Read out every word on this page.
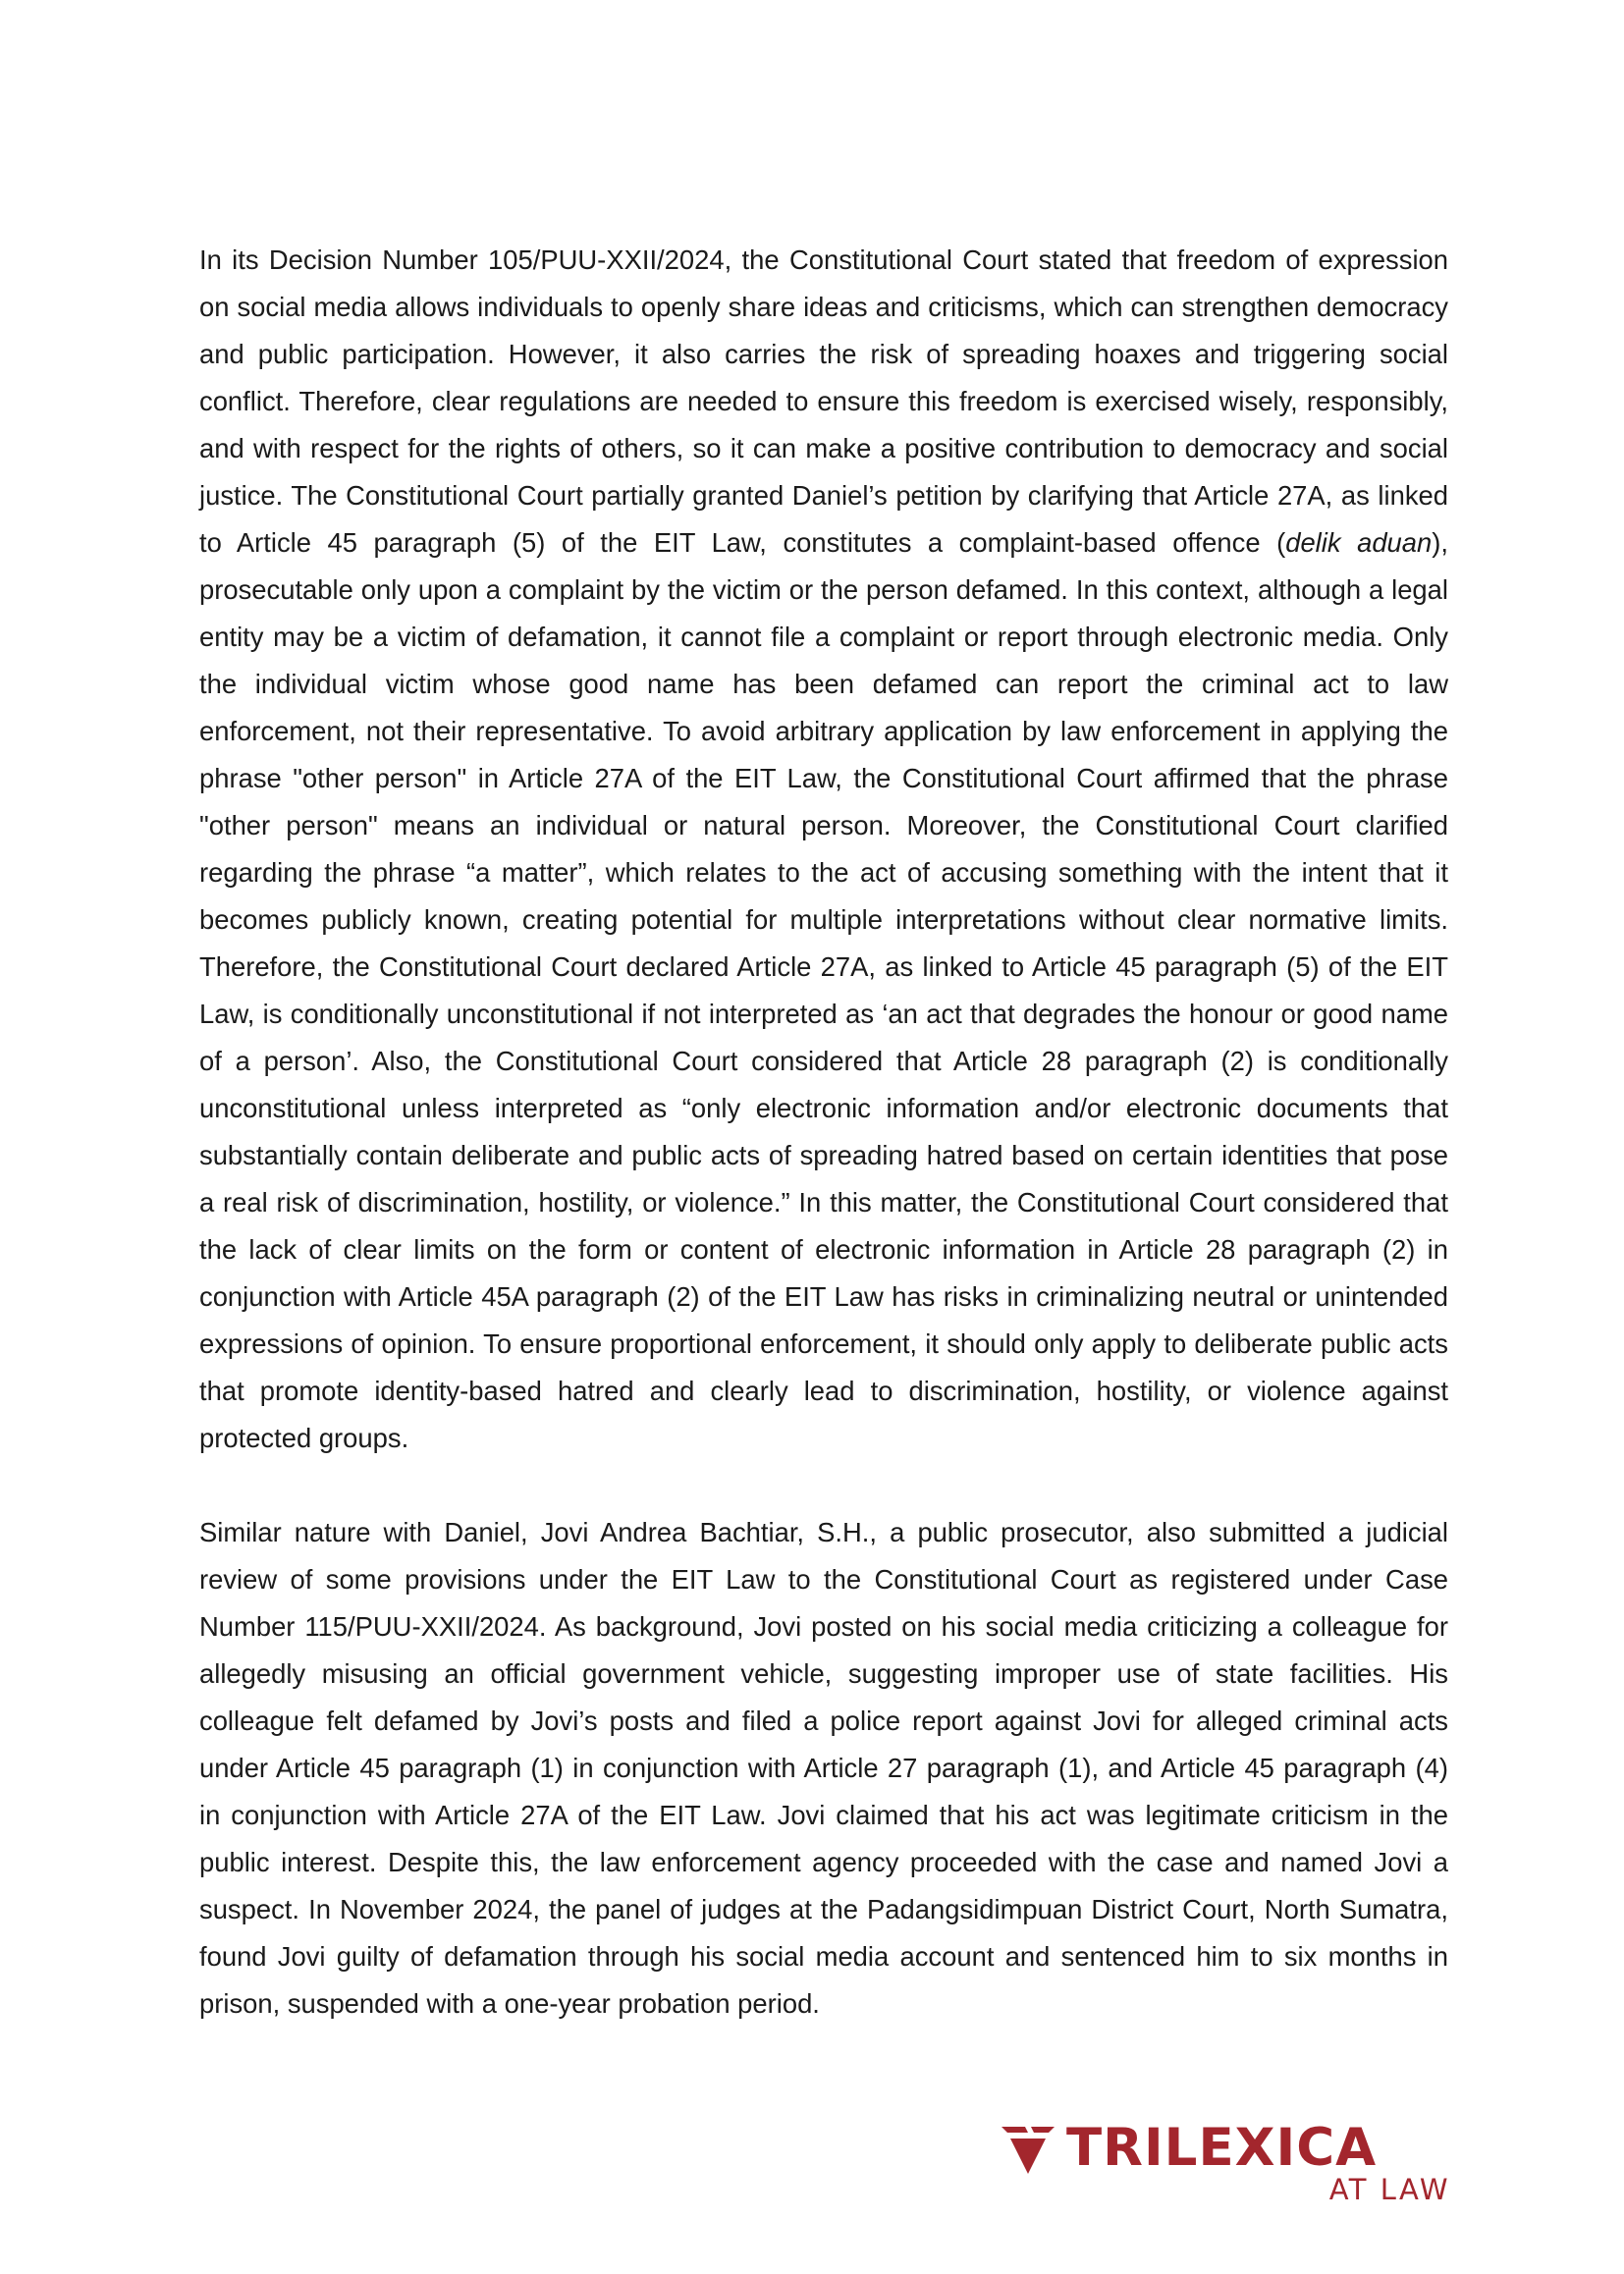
In its Decision Number 105/PUU-XXII/2024, the Constitutional Court stated that freedom of expression on social media allows individuals to openly share ideas and criticisms, which can strengthen democracy and public participation. However, it also carries the risk of spreading hoaxes and triggering social conflict. Therefore, clear regulations are needed to ensure this freedom is exercised wisely, responsibly, and with respect for the rights of others, so it can make a positive contribution to democracy and social justice. The Constitutional Court partially granted Daniel’s petition by clarifying that Article 27A, as linked to Article 45 paragraph (5) of the EIT Law, constitutes a complaint-based offence (delik aduan), prosecutable only upon a complaint by the victim or the person defamed. In this context, although a legal entity may be a victim of defamation, it cannot file a complaint or report through electronic media. Only the individual victim whose good name has been defamed can report the criminal act to law enforcement, not their representative. To avoid arbitrary application by law enforcement in applying the phrase "other person" in Article 27A of the EIT Law, the Constitutional Court affirmed that the phrase "other person" means an individual or natural person. Moreover, the Constitutional Court clarified regarding the phrase “a matter”, which relates to the act of accusing something with the intent that it becomes publicly known, creating potential for multiple interpretations without clear normative limits. Therefore, the Constitutional Court declared Article 27A, as linked to Article 45 paragraph (5) of the EIT Law, is conditionally unconstitutional if not interpreted as ‘an act that degrades the honour or good name of a person’. Also, the Constitutional Court considered that Article 28 paragraph (2) is conditionally unconstitutional unless interpreted as “only electronic information and/or electronic documents that substantially contain deliberate and public acts of spreading hatred based on certain identities that pose a real risk of discrimination, hostility, or violence.” In this matter, the Constitutional Court considered that the lack of clear limits on the form or content of electronic information in Article 28 paragraph (2) in conjunction with Article 45A paragraph (2) of the EIT Law has risks in criminalizing neutral or unintended expressions of opinion. To ensure proportional enforcement, it should only apply to deliberate public acts that promote identity-based hatred and clearly lead to discrimination, hostility, or violence against protected groups.

Similar nature with Daniel, Jovi Andrea Bachtiar, S.H., a public prosecutor, also submitted a judicial review of some provisions under the EIT Law to the Constitutional Court as registered under Case Number 115/PUU-XXII/2024. As background, Jovi posted on his social media criticizing a colleague for allegedly misusing an official government vehicle, suggesting improper use of state facilities. His colleague felt defamed by Jovi’s posts and filed a police report against Jovi for alleged criminal acts under Article 45 paragraph (1) in conjunction with Article 27 paragraph (1), and Article 45 paragraph (4) in conjunction with Article 27A of the EIT Law. Jovi claimed that his act was legitimate criticism in the public interest. Despite this, the law enforcement agency proceeded with the case and named Jovi a suspect. In November 2024, the panel of judges at the Padangsidimpuan District Court, North Sumatra, found Jovi guilty of defamation through his social media account and sentenced him to six months in prison, suspended with a one-year probation period.

TRILEXICA
AT LAW
